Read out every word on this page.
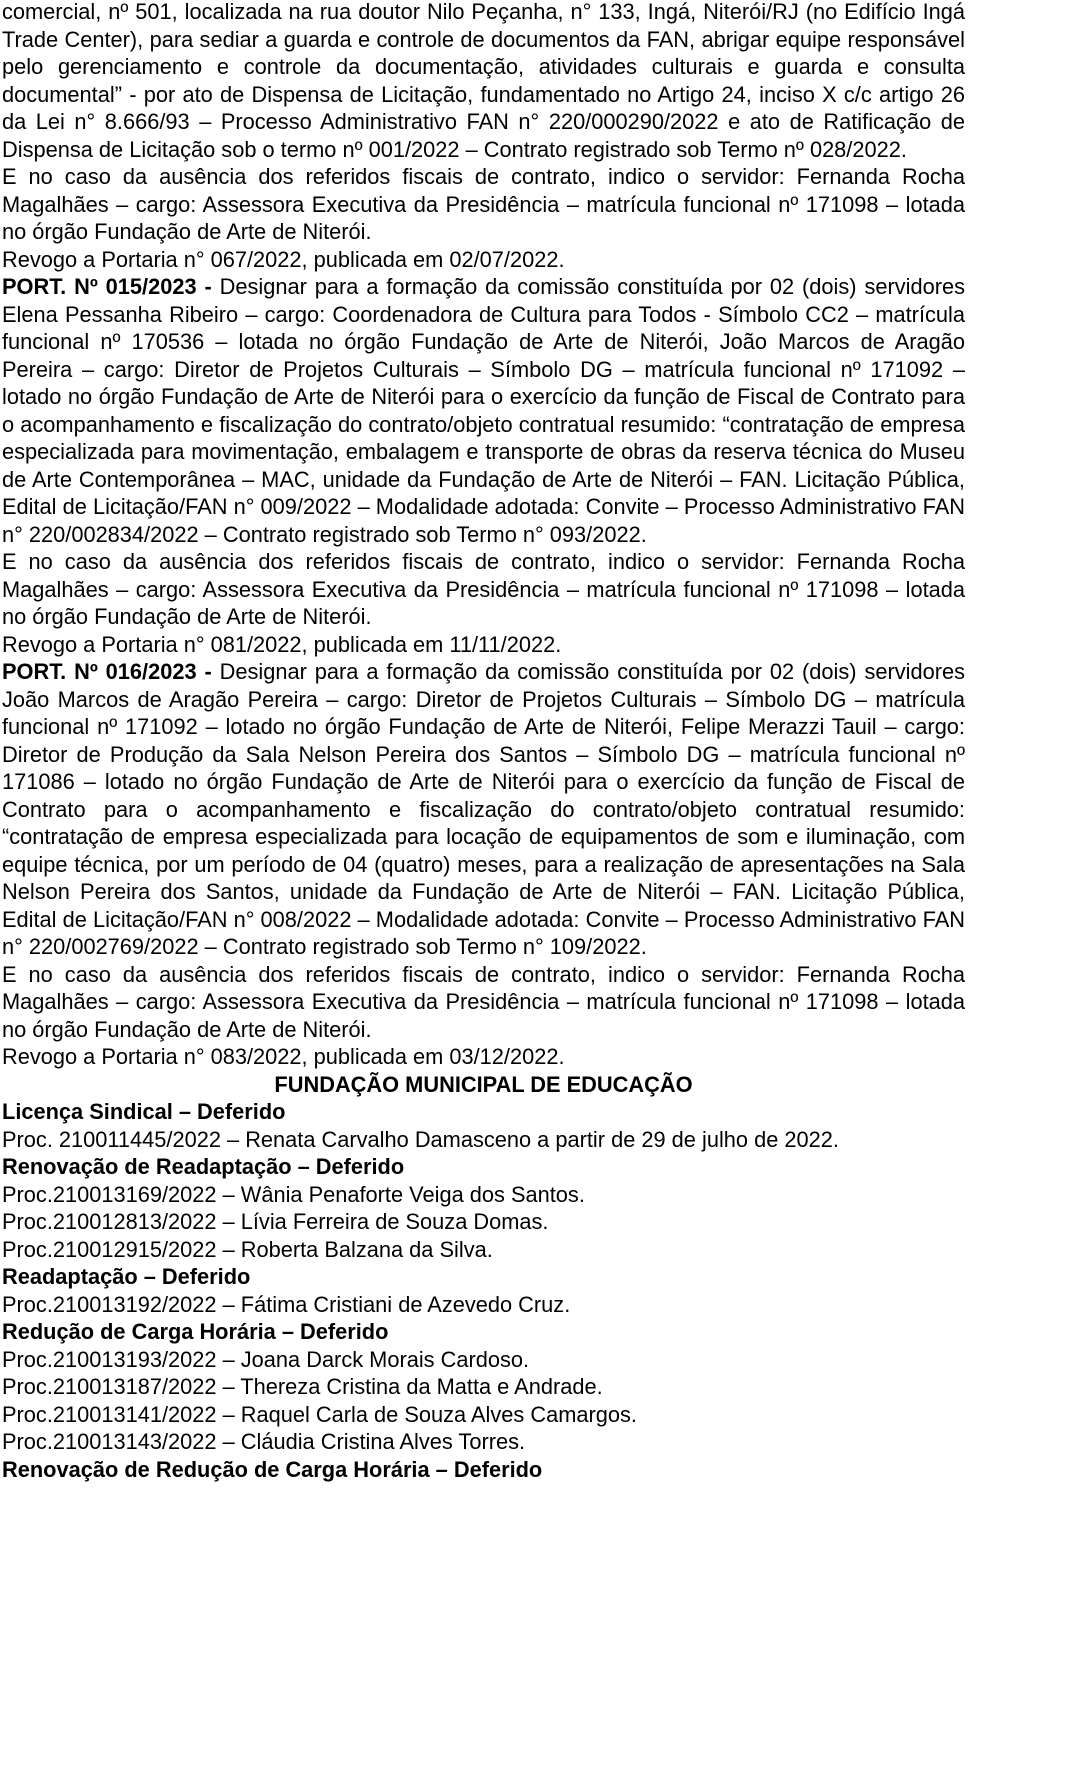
comercial, nº 501, localizada na rua doutor Nilo Peçanha, n° 133, Ingá, Niterói/RJ (no Edifício Ingá Trade Center), para sediar a guarda e controle de documentos da FAN, abrigar equipe responsável pelo gerenciamento e controle da documentação, atividades culturais e guarda e consulta documental” - por ato de Dispensa de Licitação, fundamentado no Artigo 24, inciso X c/c artigo 26 da Lei n° 8.666/93 – Processo Administrativo FAN n° 220/000290/2022 e ato de Ratificação de Dispensa de Licitação sob o termo nº 001/2022 – Contrato registrado sob Termo nº 028/2022.

E no caso da ausência dos referidos fiscais de contrato, indico o servidor: Fernanda Rocha Magalhães – cargo: Assessora Executiva da Presidência – matrícula funcional nº 171098 – lotada no órgão Fundação de Arte de Niterói.

Revogo a Portaria n° 067/2022, publicada em 02/07/2022.

PORT. Nº 015/2023 - Designar para a formação da comissão constituída por 02 (dois) servidores Elena Pessanha Ribeiro – cargo: Coordenadora de Cultura para Todos - Símbolo CC2 – matrícula funcional nº 170536 – lotada no órgão Fundação de Arte de Niterói, João Marcos de Aragão Pereira – cargo: Diretor de Projetos Culturais – Símbolo DG – matrícula funcional nº 171092 – lotado no órgão Fundação de Arte de Niterói para o exercício da função de Fiscal de Contrato para o acompanhamento e fiscalização do contrato/objeto contratual resumido: “contratação de empresa especializada para movimentação, embalagem e transporte de obras da reserva técnica do Museu de Arte Contemporânea – MAC, unidade da Fundação de Arte de Niterói – FAN. Licitação Pública, Edital de Licitação/FAN n° 009/2022 – Modalidade adotada: Convite – Processo Administrativo FAN n° 220/002834/2022 – Contrato registrado sob Termo n° 093/2022.

E no caso da ausência dos referidos fiscais de contrato, indico o servidor: Fernanda Rocha Magalhães – cargo: Assessora Executiva da Presidência – matrícula funcional nº 171098 – lotada no órgão Fundação de Arte de Niterói.

Revogo a Portaria n° 081/2022, publicada em 11/11/2022.

PORT. Nº 016/2023 - Designar para a formação da comissão constituída por 02 (dois) servidores João Marcos de Aragão Pereira – cargo: Diretor de Projetos Culturais – Símbolo DG – matrícula funcional nº 171092 – lotado no órgão Fundação de Arte de Niterói, Felipe Merazzi Tauil – cargo: Diretor de Produção da Sala Nelson Pereira dos Santos – Símbolo DG – matrícula funcional nº 171086 – lotado no órgão Fundação de Arte de Niterói para o exercício da função de Fiscal de Contrato para o acompanhamento e fiscalização do contrato/objeto contratual resumido: “contratação de empresa especializada para locação de equipamentos de som e iluminação, com equipe técnica, por um período de 04 (quatro) meses, para a realização de apresentações na Sala Nelson Pereira dos Santos, unidade da Fundação de Arte de Niterói – FAN. Licitação Pública, Edital de Licitação/FAN n° 008/2022 – Modalidade adotada: Convite – Processo Administrativo FAN n° 220/002769/2022 – Contrato registrado sob Termo n° 109/2022.

E no caso da ausência dos referidos fiscais de contrato, indico o servidor: Fernanda Rocha Magalhães – cargo: Assessora Executiva da Presidência – matrícula funcional nº 171098 – lotada no órgão Fundação de Arte de Niterói.

Revogo a Portaria n° 083/2022, publicada em 03/12/2022.

FUNDAÇÃO MUNICIPAL DE EDUCAÇÃO

Licença Sindical – Deferido

Proc. 210011445/2022 – Renata Carvalho Damasceno a partir de 29 de julho de 2022.

Renovação de Readaptação – Deferido

Proc.210013169/2022 – Wânia Penaforte Veiga dos Santos.

Proc.210012813/2022 – Lívia Ferreira de Souza Domas.

Proc.210012915/2022 – Roberta Balzana da Silva.

Readaptação – Deferido

Proc.210013192/2022 – Fátima Cristiani de Azevedo Cruz.

Redução de Carga Horária – Deferido

Proc.210013193/2022 – Joana Darck Morais Cardoso.

Proc.210013187/2022 – Thereza Cristina da Matta e Andrade.

Proc.210013141/2022 – Raquel Carla de Souza Alves Camargos.

Proc.210013143/2022 – Cláudia Cristina Alves Torres.

Renovação de Redução de Carga Horária – Deferido
